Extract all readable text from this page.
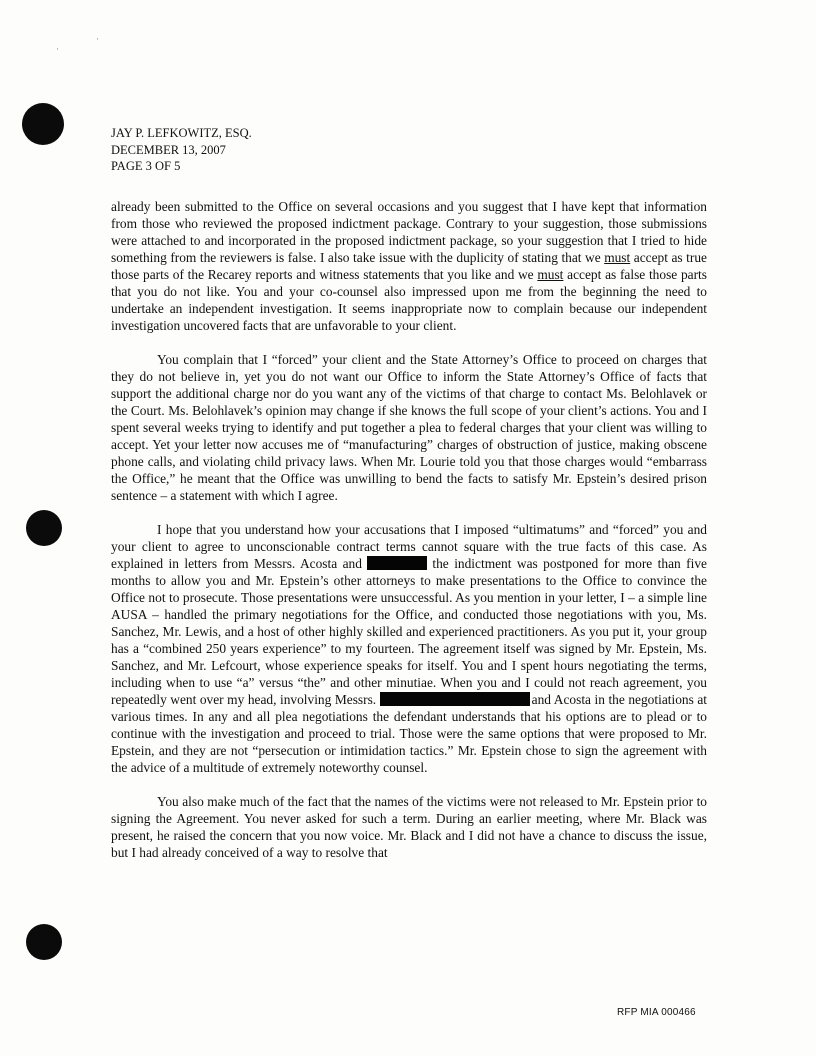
·
·
JAY P. LEFKOWITZ, ESQ.
DECEMBER 13, 2007
PAGE 3 OF 5

already been submitted to the Office on several occasions and you suggest that I have kept that information from those who reviewed the proposed indictment package. Contrary to your suggestion, those submissions were attached to and incorporated in the proposed indictment package, so your suggestion that I tried to hide something from the reviewers is false. I also take issue with the duplicity of stating that we must accept as true those parts of the Recarey reports and witness statements that you like and we must accept as false those parts that you do not like. You and your co-counsel also impressed upon me from the beginning the need to undertake an independent investigation. It seems inappropriate now to complain because our independent investigation uncovered facts that are unfavorable to your client.

You complain that I “forced” your client and the State Attorney’s Office to proceed on charges that they do not believe in, yet you do not want our Office to inform the State Attorney’s Office of facts that support the additional charge nor do you want any of the victims of that charge to contact Ms. Belohlavek or the Court. Ms. Belohlavek’s opinion may change if she knows the full scope of your client’s actions. You and I spent several weeks trying to identify and put together a plea to federal charges that your client was willing to accept. Yet your letter now accuses me of “manufacturing” charges of obstruction of justice, making obscene phone calls, and violating child privacy laws. When Mr. Lourie told you that those charges would “embarrass the Office,” he meant that the Office was unwilling to bend the facts to satisfy Mr. Epstein’s desired prison sentence – a statement with which I agree.

I hope that you understand how your accusations that I imposed “ultimatums” and “forced” you and your client to agree to unconscionable contract terms cannot square with the true facts of this case. As explained in letters from Messrs. Acosta and	the indictment was postponed for more than five months to allow you and Mr. Epstein’s other attorneys to make presentations to the Office to convince the Office not to prosecute. Those presentations were unsuccessful. As you mention in your letter, I – a simple line AUSA – handled the primary negotiations for the Office, and conducted those negotiations with you, Ms. Sanchez, Mr. Lewis, and a host of other highly skilled and experienced practitioners. As you put it, your group has a “combined 250 years experience” to my fourteen. The agreement itself was signed by Mr. Epstein, Ms. Sanchez, and Mr. Lefcourt, whose experience speaks for itself. You and I spent hours negotiating the terms, including when to use “a” versus “the” and other minutiae. When you and I could not reach agreement, you repeatedly went over my head, involving Messrs.	and Acosta in the negotiations at various times. In any and all plea negotiations the defendant understands that his options are to plead or to continue with the investigation and proceed to trial. Those were the same options that were proposed to Mr. Epstein, and they are not “persecution or intimidation tactics.” Mr. Epstein chose to sign the agreement with the advice of a multitude of extremely noteworthy counsel.

You also make much of the fact that the names of the victims were not released to Mr. Epstein prior to signing the Agreement. You never asked for such a term. During an earlier meeting, where Mr. Black was present, he raised the concern that you now voice. Mr. Black and I did not have a chance to discuss the issue, but I had already conceived of a way to resolve that

RFP MIA 000466
